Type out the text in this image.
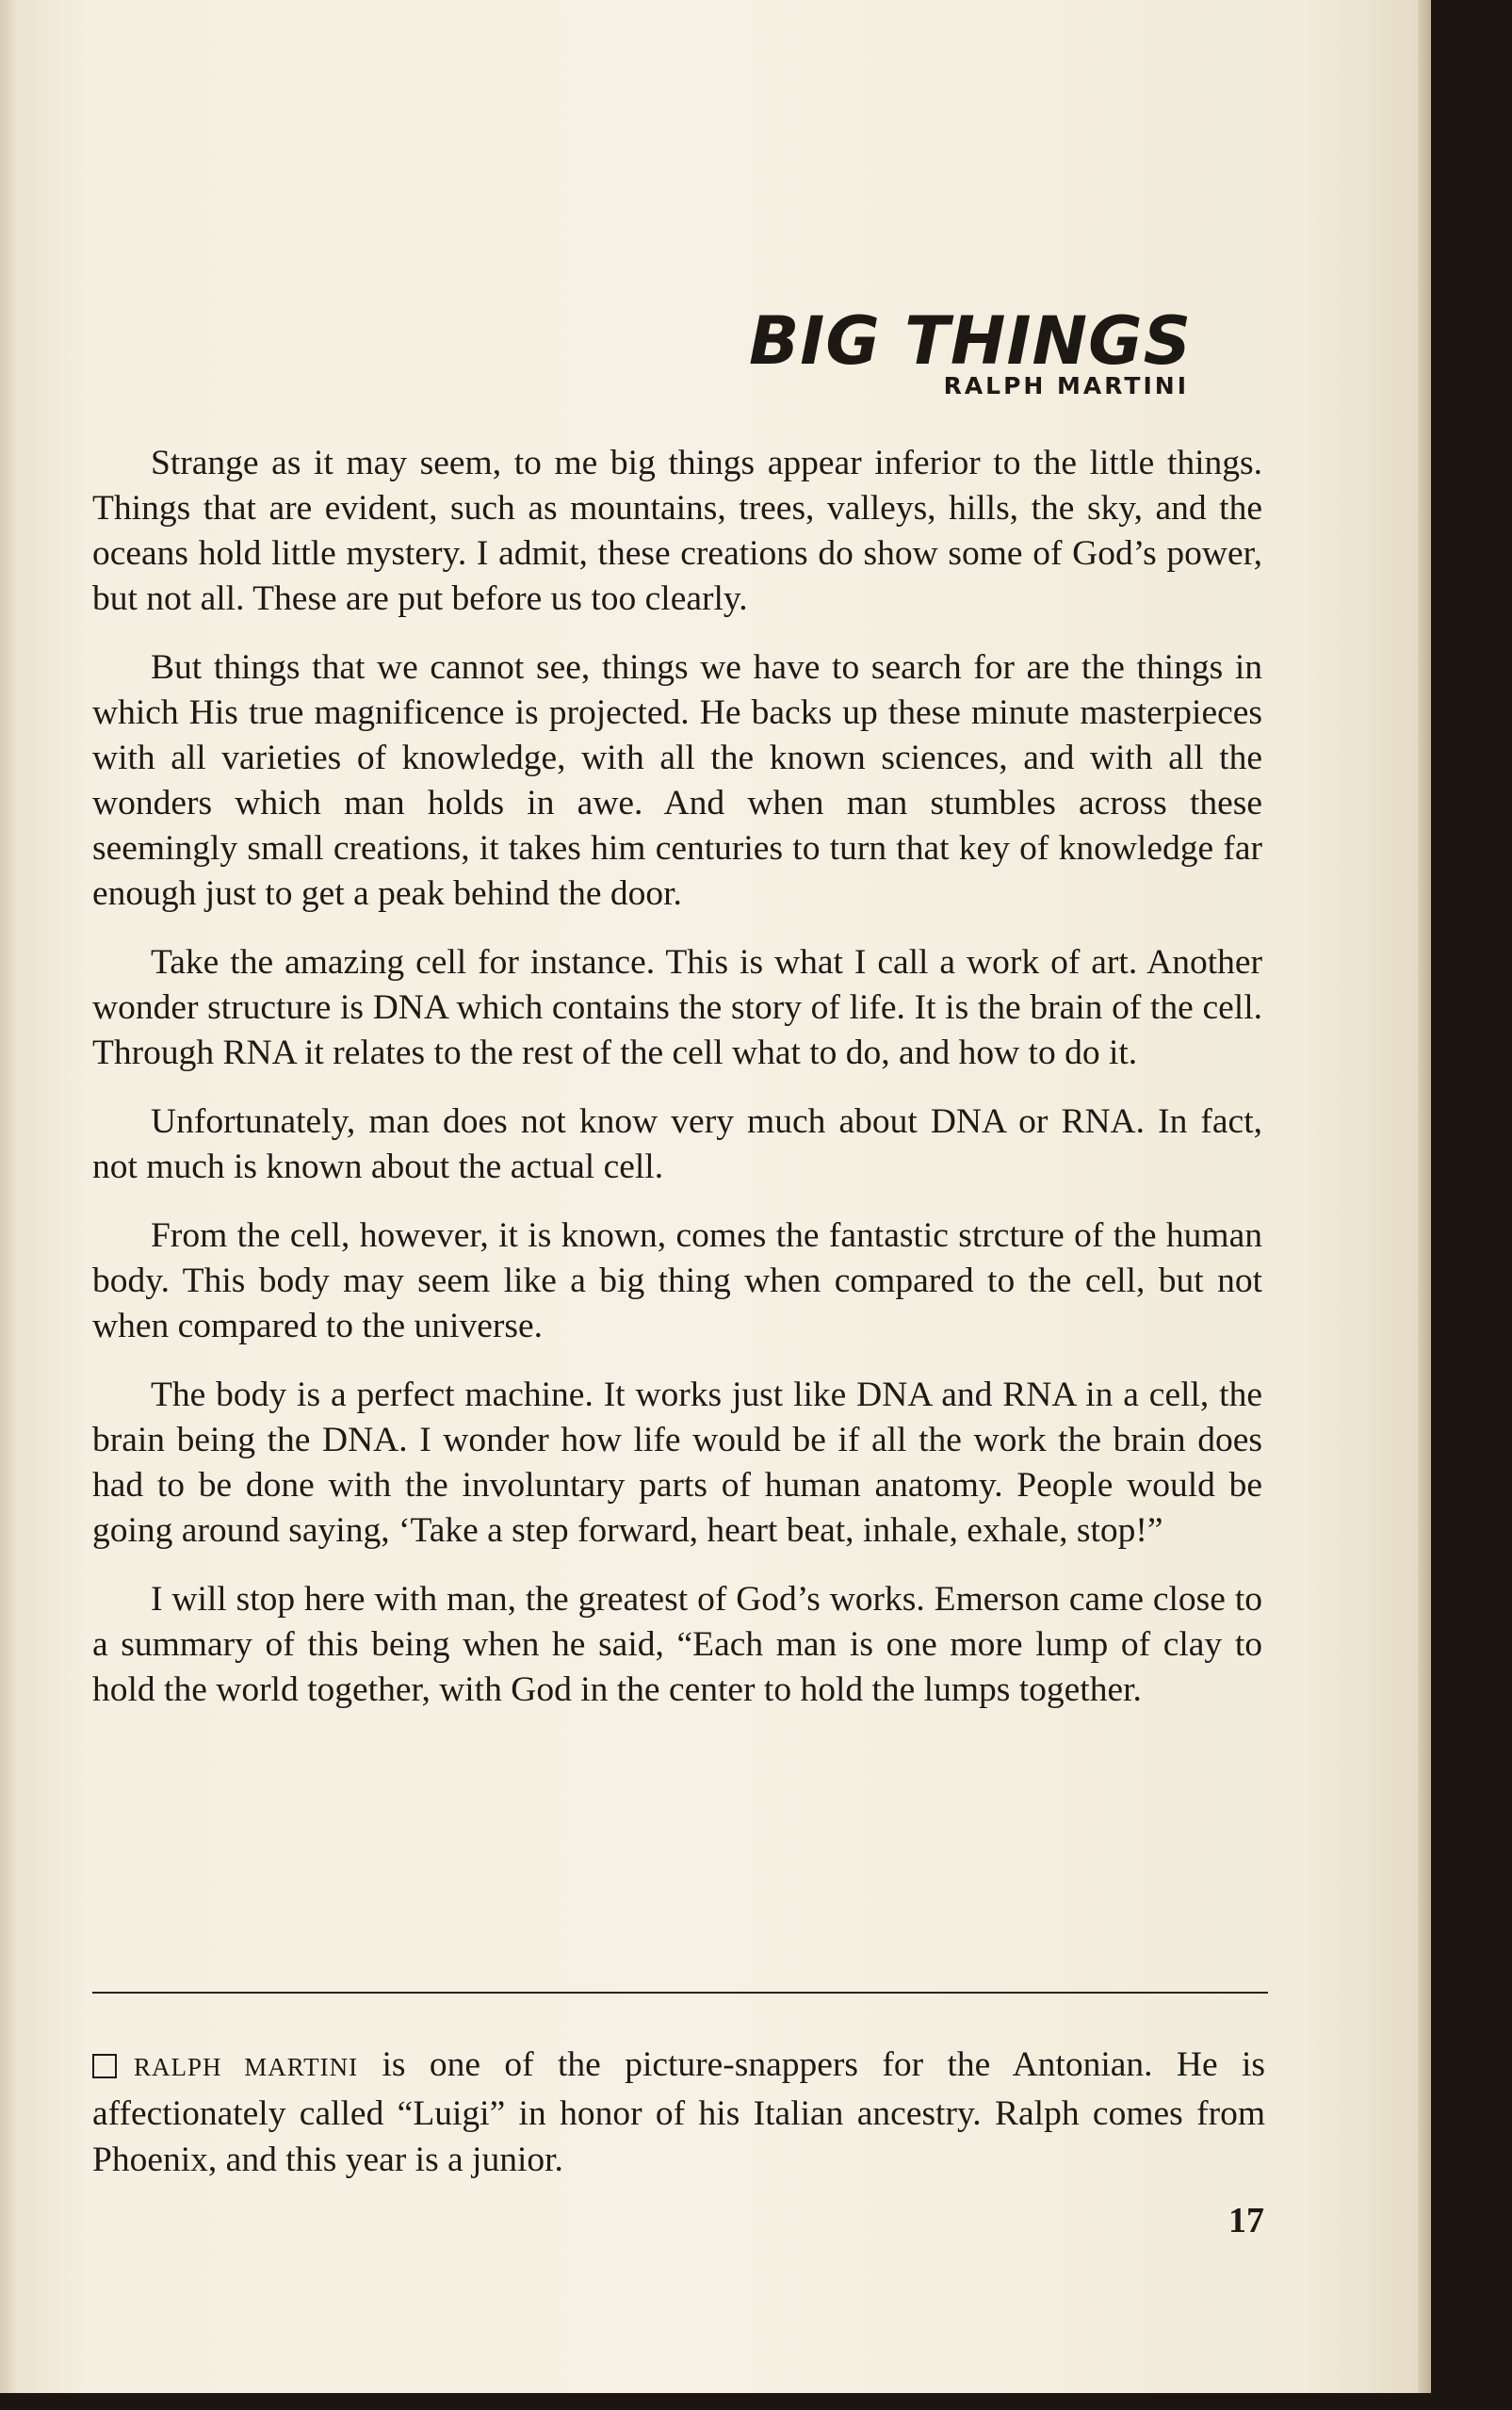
BIG THINGS
RALPH MARTINI

Strange as it may seem, to me big things appear inferior to the little things. Things that are evident, such as mountains, trees, valleys, hills, the sky, and the oceans hold little mystery. I admit, these creations do show some of God’s power, but not all. These are put before us too clearly.

But things that we cannot see, things we have to search for are the things in which His true magnificence is projected. He backs up these minute masterpieces with all varieties of knowledge, with all the known sciences, and with all the wonders which man holds in awe. And when man stumbles across these seemingly small creations, it takes him centuries to turn that key of knowledge far enough just to get a peak behind the door.

Take the amazing cell for instance. This is what I call a work of art. Another wonder structure is DNA which contains the story of life. It is the brain of the cell. Through RNA it relates to the rest of the cell what to do, and how to do it.

Unfortunately, man does not know very much about DNA or RNA. In fact, not much is known about the actual cell.

From the cell, however, it is known, comes the fantastic strcture of the human body. This body may seem like a big thing when compared to the cell, but not when compared to the universe.

The body is a perfect machine. It works just like DNA and RNA in a cell, the brain being the DNA. I wonder how life would be if all the work the brain does had to be done with the involuntary parts of human anatomy. People would be going around saying, ‘Take a step forward, heart beat, inhale, exhale, stop!”

I will stop here with man, the greatest of God’s works. Emerson came close to a summary of this being when he said, “Each man is one more lump of clay to hold the world together, with God in the center to hold the lumps together.

RALPH MARTINI is one of the picture-snappers for the Antonian. He is affectionately called “Luigi” in honor of his Italian ancestry. Ralph comes from Phoenix, and this year is a junior.
17
